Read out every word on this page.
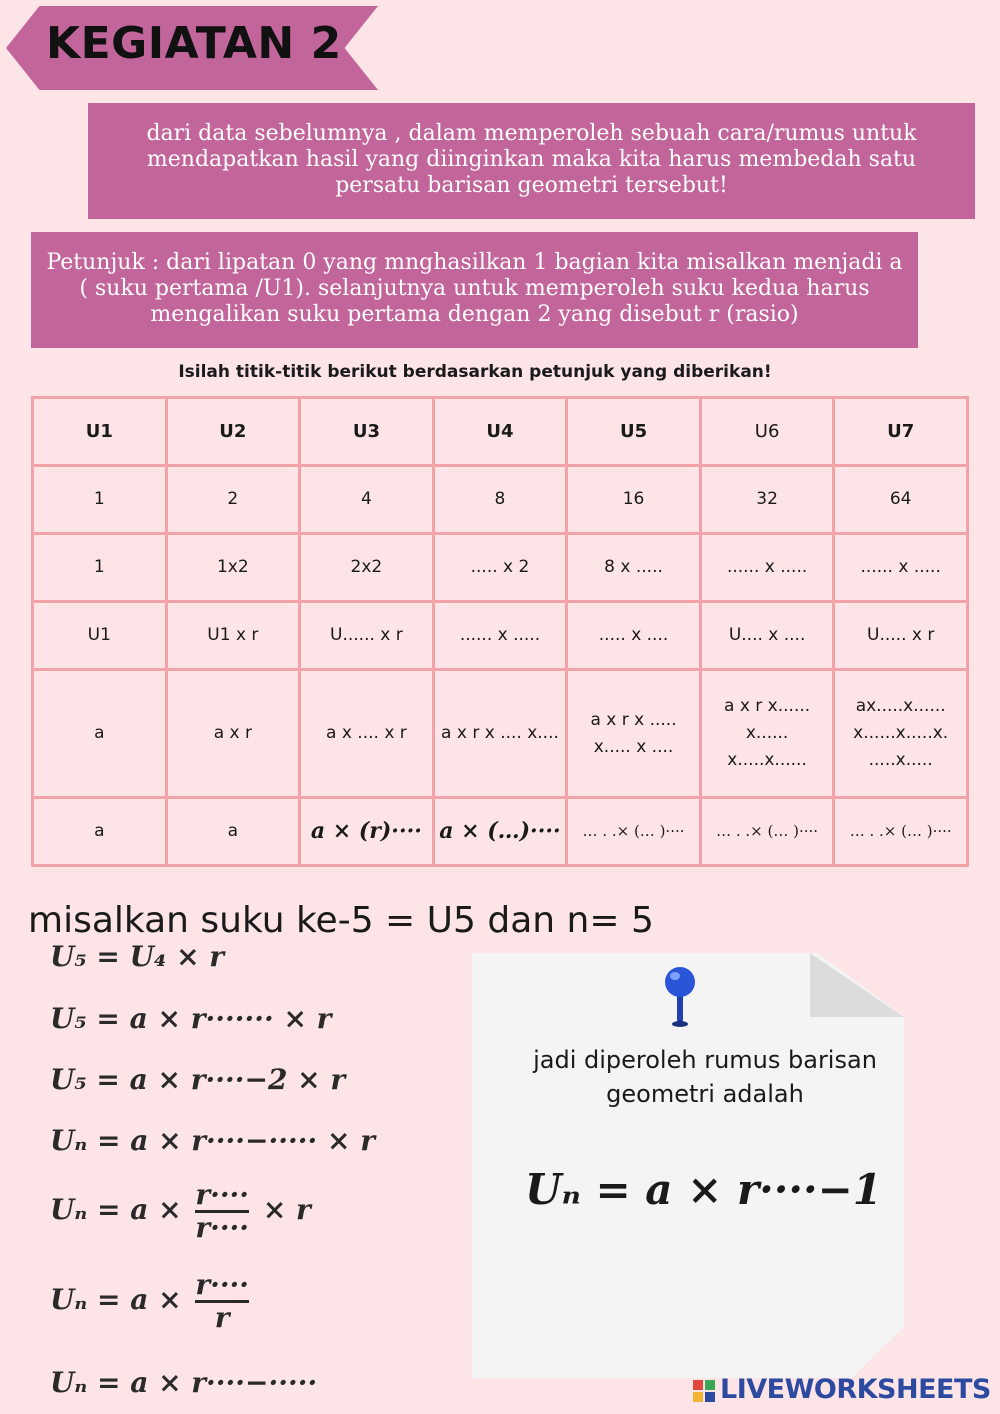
KEGIATAN 2
dari data sebelumnya , dalam memperoleh sebuah cara/rumus untuk mendapatkan hasil yang diinginkan maka kita harus membedah satu persatu barisan geometri tersebut!
Petunjuk : dari lipatan 0 yang mnghasilkan 1 bagian kita misalkan menjadi a ( suku pertama /U1). selanjutnya untuk memperoleh suku kedua harus mengalikan suku pertama dengan 2 yang disebut r (rasio)
Isilah titik-titik berikut berdasarkan petunjuk yang diberikan!
U1	U2	U3	U4	U5	U6	U7
1	2	4	8	16	32	64
1	1x2	2x2	..... x 2	8 x .....	...... x .....	...... x .....
U1	U1 x r	U...... x r	...... x .....	..... x ....	U.... x ....	U..... x r
a	a x r	a x .... x r	a x r x .... x....	a x r x ..... x..... x ....	a x r x...... x...... x.....x......	ax.....x...... x......x.....x. .....x.....
a	a	a × (r)····	a × (…)····	… . .× (… )····	… . .× (… )····	… . .× (… )····
misalkan suku ke-5 = U5 dan n= 5
U₅ = U₄ × r
U₅ = a × r······· × r
U₅ = a × r····−2 × r
Uₙ = a × r····−····· × r
$U_n = a \times \frac{r\cdot\cdot\cdot\cdot}{r\cdot\cdot\cdot\cdot} \times r$
$U_n = a \times \frac{r\cdot\cdot\cdot\cdot}{r}$
Uₙ = a × r····−·····
jadi diperoleh rumus barisan geometri adalah
Uₙ = a × r····−1
LIVEWORKSHEETS
